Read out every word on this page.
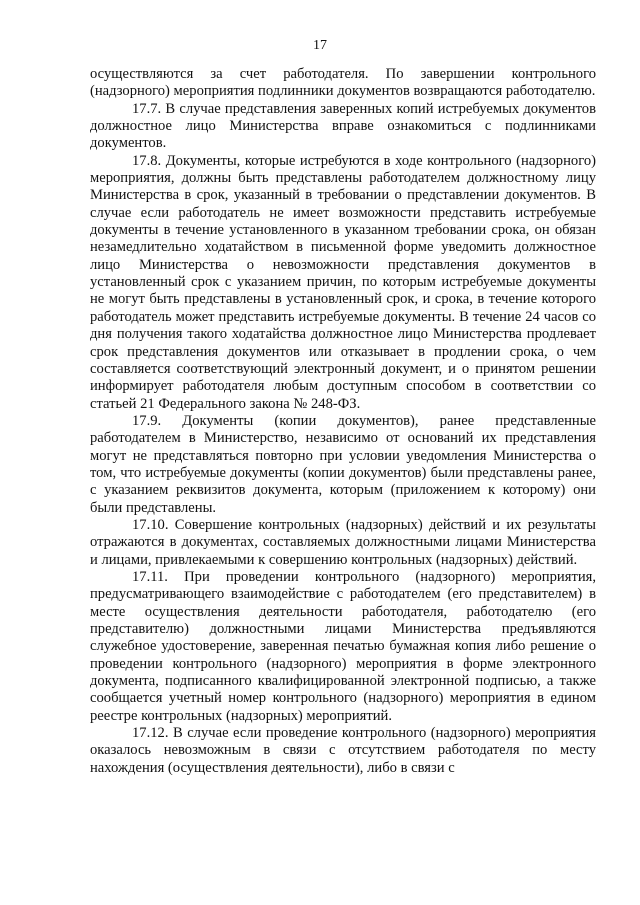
17

осуществляются за счет работодателя. По завершении контрольного (надзорного) мероприятия подлинники документов возвращаются работодателю.

17.7. В случае представления заверенных копий истребуемых документов должностное лицо Министерства вправе ознакомиться с подлинниками документов.

17.8. Документы, которые истребуются в ходе контрольного (надзорного) мероприятия, должны быть представлены работодателем должностному лицу Министерства в срок, указанный в требовании о представлении документов. В случае если работодатель не имеет возможности представить истребуемые документы в течение установленного в указанном требовании срока, он обязан незамедлительно ходатайством в письменной форме уведомить должностное лицо Министерства о невозможности представления документов в установленный срок с указанием причин, по которым истребуемые документы не могут быть представлены в установленный срок, и срока, в течение которого работодатель может представить истребуемые документы. В течение 24 часов со дня получения такого ходатайства должностное лицо Министерства продлевает срок представления документов или отказывает в продлении срока, о чем составляется соответствующий электронный документ, и о принятом решении информирует работодателя любым доступным способом в соответствии со статьей 21 Федерального закона № 248-ФЗ.

17.9. Документы (копии документов), ранее представленные работодателем в Министерство, независимо от оснований их представления могут не представляться повторно при условии уведомления Министерства о том, что истребуемые документы (копии документов) были представлены ранее, с указанием реквизитов документа, которым (приложением к которому) они были представлены.

17.10. Совершение контрольных (надзорных) действий и их результаты отражаются в документах, составляемых должностными лицами Министерства и лицами, привлекаемыми к совершению контрольных (надзорных) действий.

17.11. При проведении контрольного (надзорного) мероприятия, предусматривающего взаимодействие с работодателем (его представителем) в месте осуществления деятельности работодателя, работодателю (его представителю) должностными лицами Министерства предъявляются служебное удостоверение, заверенная печатью бумажная копия либо решение о проведении контрольного (надзорного) мероприятия в форме электронного документа, подписанного квалифицированной электронной подписью, а также сообщается учетный номер контрольного (надзорного) мероприятия в едином реестре контрольных (надзорных) мероприятий.

17.12. В случае если проведение контрольного (надзорного) мероприятия оказалось невозможным в связи с отсутствием работодателя по месту нахождения (осуществления деятельности), либо в связи с
